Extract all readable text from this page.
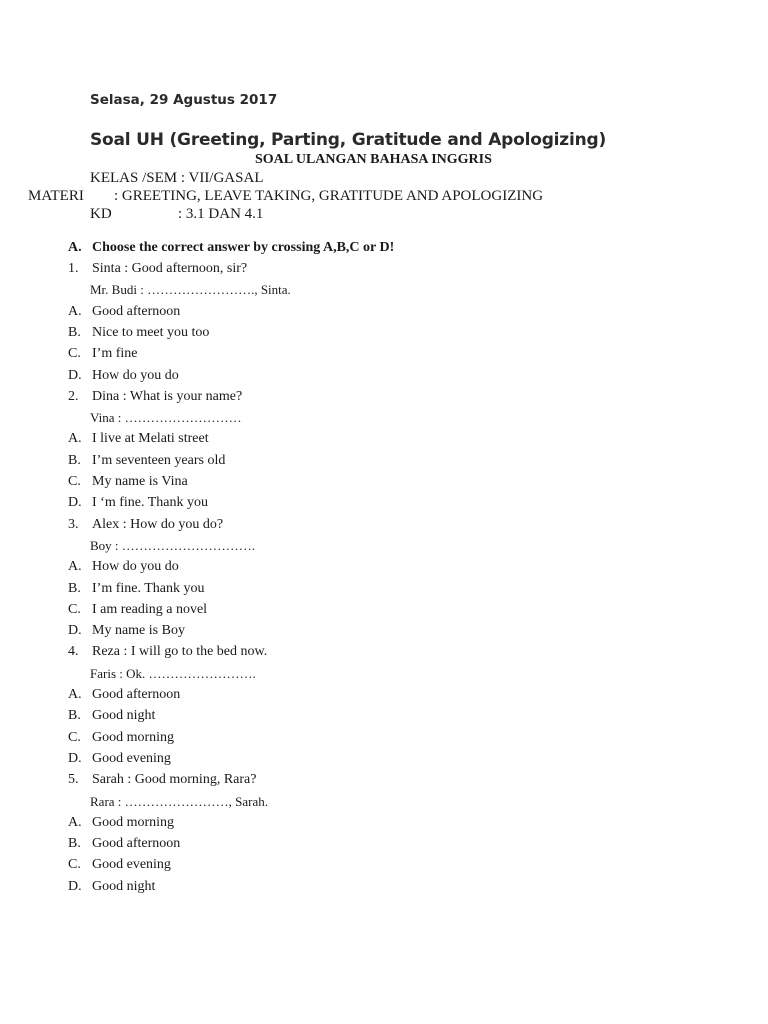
Selasa, 29 Agustus 2017
Soal UH (Greeting, Parting, Gratitude and Apologizing)
SOAL ULANGAN BAHASA INGGRIS
KELAS /SEM : VII/GASAL
MATERI : GREETING, LEAVE TAKING, GRATITUDE AND APOLOGIZING
KD	: 3.1 DAN 4.1
A. Choose the correct answer by crossing A,B,C or D!
1. Sinta : Good afternoon, sir?
Mr. Budi : ……………………., Sinta.
A. Good afternoon
B. Nice to meet you too
C. I’m fine
D. How do you do
2. Dina : What is your name?
Vina : ………………………
A. I live at Melati street
B. I’m seventeen years old
C. My name is Vina
D. I ‘m fine. Thank you
3. Alex : How do you do?
Boy : ………………………….
A. How do you do
B. I’m fine. Thank you
C. I am reading a novel
D. My name is Boy
4. Reza : I will go to the bed now.
Faris : Ok. …………………….
A. Good afternoon
B. Good night
C. Good morning
D. Good evening
5. Sarah : Good morning, Rara?
Rara : ……………………, Sarah.
A. Good morning
B. Good afternoon
C. Good evening
D. Good night
